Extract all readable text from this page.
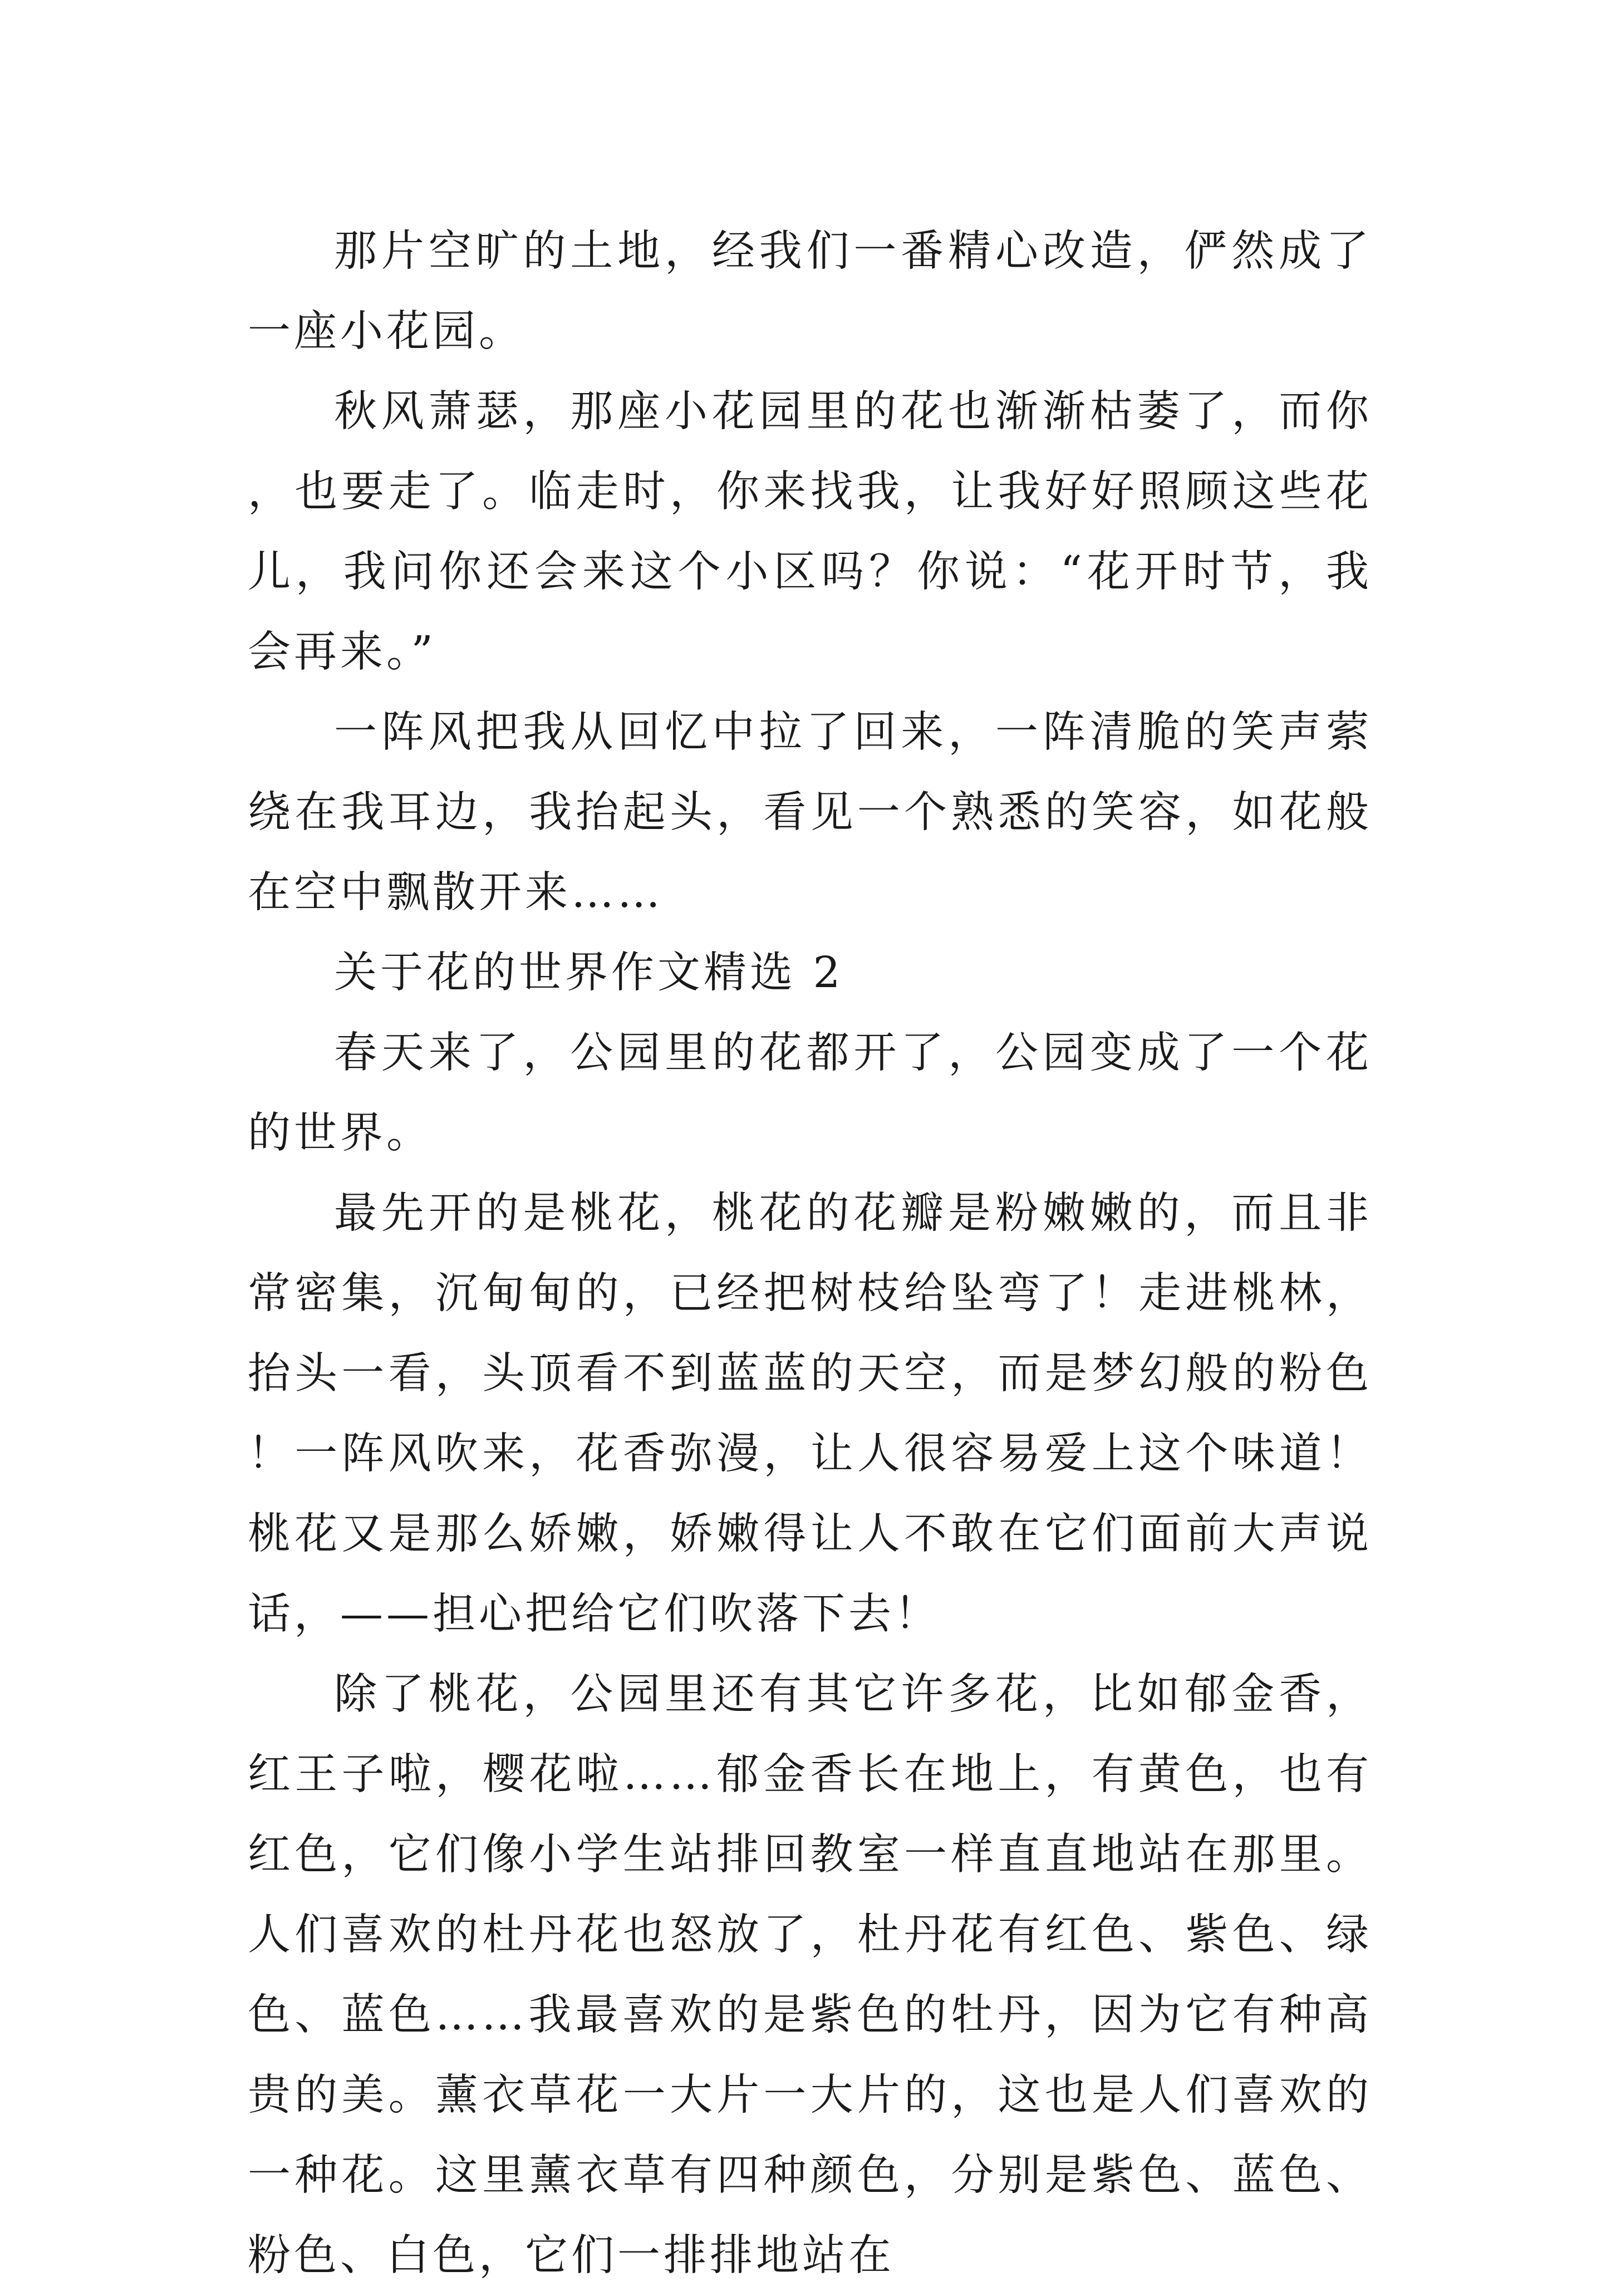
那片空旷的土地，经我们一番精心改造，俨然成了一座小花园。

秋风萧瑟，那座小花园里的花也渐渐枯萎了，而你，也要走了。临走时，你来找我，让我好好照顾这些花儿，我问你还会来这个小区吗？你说：“花开时节，我会再来。”

一阵风把我从回忆中拉了回来，一阵清脆的笑声萦绕在我耳边，我抬起头，看见一个熟悉的笑容，如花般在空中飘散开来……

关于花的世界作文精选 2

春天来了，公园里的花都开了，公园变成了一个花的世界。

最先开的是桃花，桃花的花瓣是粉嫩嫩的，而且非常密集，沉甸甸的，已经把树枝给坠弯了！走进桃林，抬头一看，头顶看不到蓝蓝的天空，而是梦幻般的粉色！一阵风吹来，花香弥漫，让人很容易爱上这个味道！桃花又是那么娇嫩，娇嫩得让人不敢在它们面前大声说话，——担心把给它们吹落下去！

除了桃花，公园里还有其它许多花，比如郁金香，红王子啦，樱花啦……郁金香长在地上，有黄色，也有红色，它们像小学生站排回教室一样直直地站在那里。人们喜欢的杜丹花也怒放了，杜丹花有红色、紫色、绿色、蓝色……我最喜欢的是紫色的牡丹，因为它有种高贵的美。薰衣草花一大片一大片的，这也是人们喜欢的一种花。这里薰衣草有四种颜色，分别是紫色、蓝色、粉色、白色，它们一排排地站在
